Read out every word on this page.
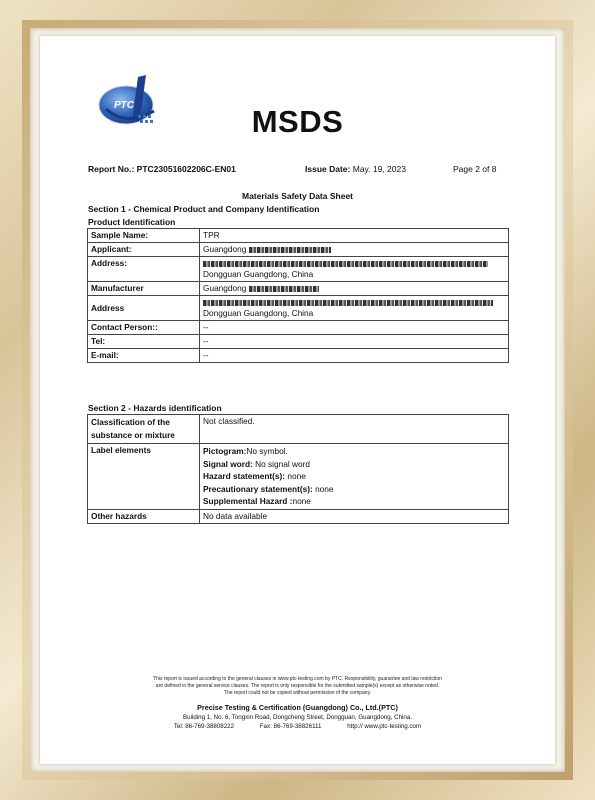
PTC	MSDS
Report No.: PTC23051602206C-EN01	Issue Date: May. 19, 2023	Page 2 of 8
Materials Safety Data Sheet
Section 1 - Chemical Product and Company Identification
Product Identification
Sample Name:	TPR
Applicant:	Guangdong
Address:	Dongguan Guangdong, China
Manufacturer	Guangdong
Address	Dongguan Guangdong, China
Contact Person::	--
Tel:	--
E-mail:	--
Section 2 - Hazards identification
Classification of the substance or mixture	Not classified.
Label elements	Pictogram:No symbol.
Signal word: No signal word
Hazard statement(s): none
Precautionary statement(s): none
Supplemental Hazard :none

Other hazards	No data available
This report is issued according to the general clauses in www.ptc-testing.com by PTC. Responsibility, guarantee and law restriction
are defined in the general service clauses. The report is only responsible for the submitted sample(s) except as otherwise noted.
The report could not be copied without permission of the company.
Precise Testing & Certification (Guangdong) Co., Ltd.(PTC)
Building 1, No. 6, Tongxin Road, Dongcheng Street, Dongguan, Guangdong, China.
Tel: 86-769-38808222	Fax: 86-769-38826111	http:// www.ptc-testing.com
